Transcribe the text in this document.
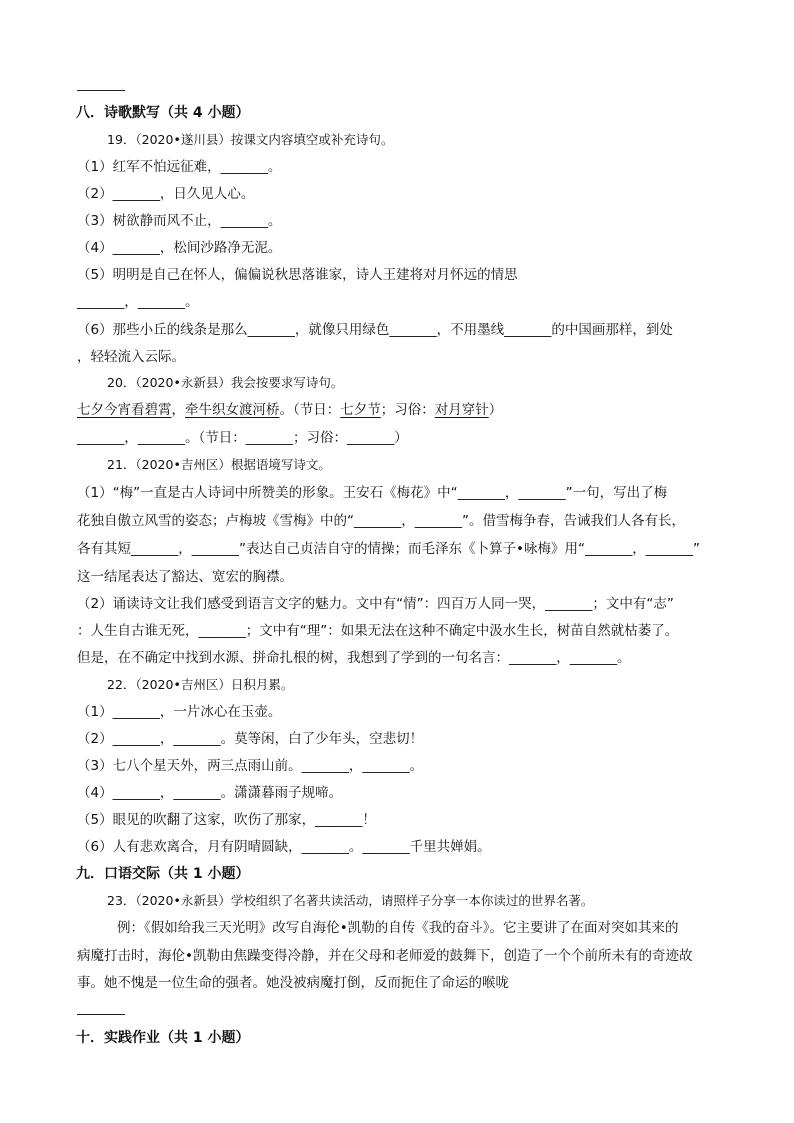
八．诗歌默写（共 4 小题）
19．（2020•遂川县）按课文内容填空或补充诗句。
（1）红军不怕远征难，_______。
（2）_______，日久见人心。
（3）树欲静而风不止，_______。
（4）_______，松间沙路净无泥。
（5）明明是自己在怀人，偏偏说秋思落谁家，诗人王建将对月怀远的情思
_______，_______。
（6）那些小丘的线条是那么_______，就像只用绿色_______，不用墨线_______的中国画那样，到处
，轻轻流入云际。
20．（2020•永新县）我会按要求写诗句。
七夕今宵看碧霄，牵牛织女渡河桥。（节日：七夕节；习俗：对月穿针）
_______，_______。（节日：_______；习俗：_______）
21．（2020•吉州区）根据语境写诗文。
（1）“梅”一直是古人诗词中所赞美的形象。王安石《梅花》中“_______，_______”一句，写出了梅
花独自傲立风雪的姿态；卢梅坡《雪梅》中的“_______，_______”。借雪梅争春，告诫我们人各有长，
各有其短_______，_______”表达自己贞洁自守的情操；而毛泽东《卜算子•咏梅》用“_______，_______”
这一结尾表达了豁达、宽宏的胸襟。
（2）诵读诗文让我们感受到语言文字的魅力。文中有“情”：四百万人同一哭，_______；文中有“志”
：人生自古谁无死，_______；文中有“理”：如果无法在这种不确定中汲水生长，树苗自然就枯萎了。
但是，在不确定中找到水源、拼命扎根的树，我想到了学到的一句名言：_______，_______。
22．（2020•吉州区）日积月累。
（1）_______，一片冰心在玉壶。
（2）_______，_______。莫等闲，白了少年头，空悲切！
（3）七八个星天外，两三点雨山前。_______，_______。
（4）_______，_______。潇潇暮雨子规啼。
（5）眼见的吹翻了这家，吹伤了那家，_______！
（6）人有悲欢离合，月有阴晴圆缺，_______。_______千里共婵娟。
九．口语交际（共 1 小题）
23．（2020•永新县）学校组织了名著共读活动，请照样子分享一本你读过的世界名著。
例：《假如给我三天光明》改写自海伦•凯勒的自传《我的奋斗》。它主要讲了在面对突如其来的
病魔打击时，海伦•凯勒由焦躁变得冷静，并在父母和老师爱的鼓舞下，创造了一个个前所未有的奇迹故
事。她不愧是一位生命的强者。她没被病魔打倒，反而扼住了命运的喉咙
十．实践作业（共 1 小题）
